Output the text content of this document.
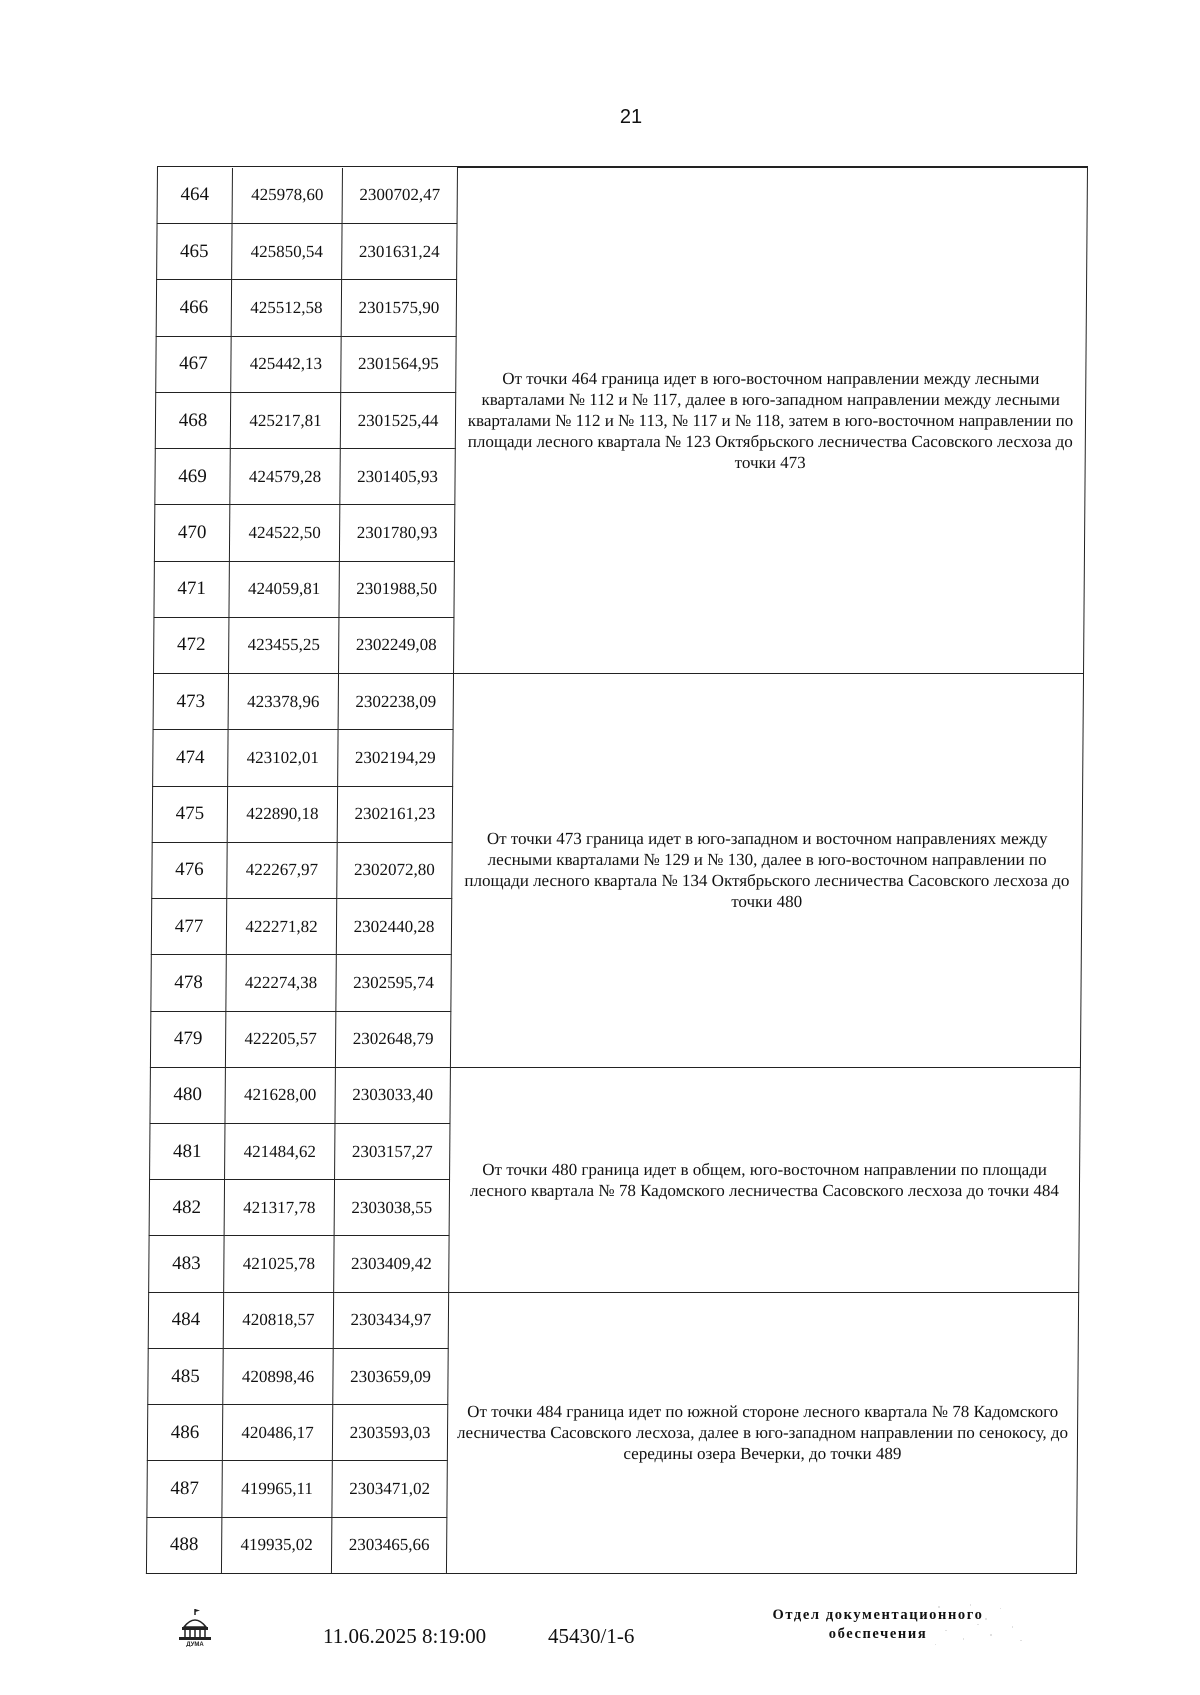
21

464	425978,60	2300702,47	От точки 464 граница идет в юго-восточном направлении между лесными кварталами № 112 и № 117, далее в юго-западном направлении между лесными кварталами № 112 и № 113, № 117 и № 118, затем в юго-восточном направлении по площади лесного квартала № 123 Октябрьского лесничества Сасовского лесхоза до точки 473
465	425850,54	2301631,24	
466	425512,58	2301575,90	
467	425442,13	2301564,95	
468	425217,81	2301525,44	
469	424579,28	2301405,93	
470	424522,50	2301780,93	
471	424059,81	2301988,50	
472	423455,25	2302249,08	
473	423378,96	2302238,09	От точки 473 граница идет в юго-западном и восточном направлениях между лесными кварталами № 129 и № 130, далее в юго-восточном направлении по площади лесного квартала № 134 Октябрьского лесничества Сасовского лесхоза до точки 480
474	423102,01	2302194,29	
475	422890,18	2302161,23	
476	422267,97	2302072,80	
477	422271,82	2302440,28	
478	422274,38	2302595,74	
479	422205,57	2302648,79	
480	421628,00	2303033,40	От точки 480 граница идет в общем, юго-восточном направлении по площади лесного квартала № 78 Кадомского лесничества Сасовского лесхоза до точки 484
481	421484,62	2303157,27	
482	421317,78	2303038,55	
483	421025,78	2303409,42	
484	420818,57	2303434,97	От точки 484 граница идет по южной стороне лесного квартала № 78 Кадомского лесничества Сасовского лесхоза, далее в юго-западном направлении по сенокосу, до середины озера Вечерки, до точки 489
485	420898,46	2303659,09	
486	420486,17	2303593,03	
487	419965,11	2303471,02	
488	419935,02	2303465,66	
ДУМА	11.06.2025 8:19:00	45430/1-6
Отдел документационного
обеспечения
